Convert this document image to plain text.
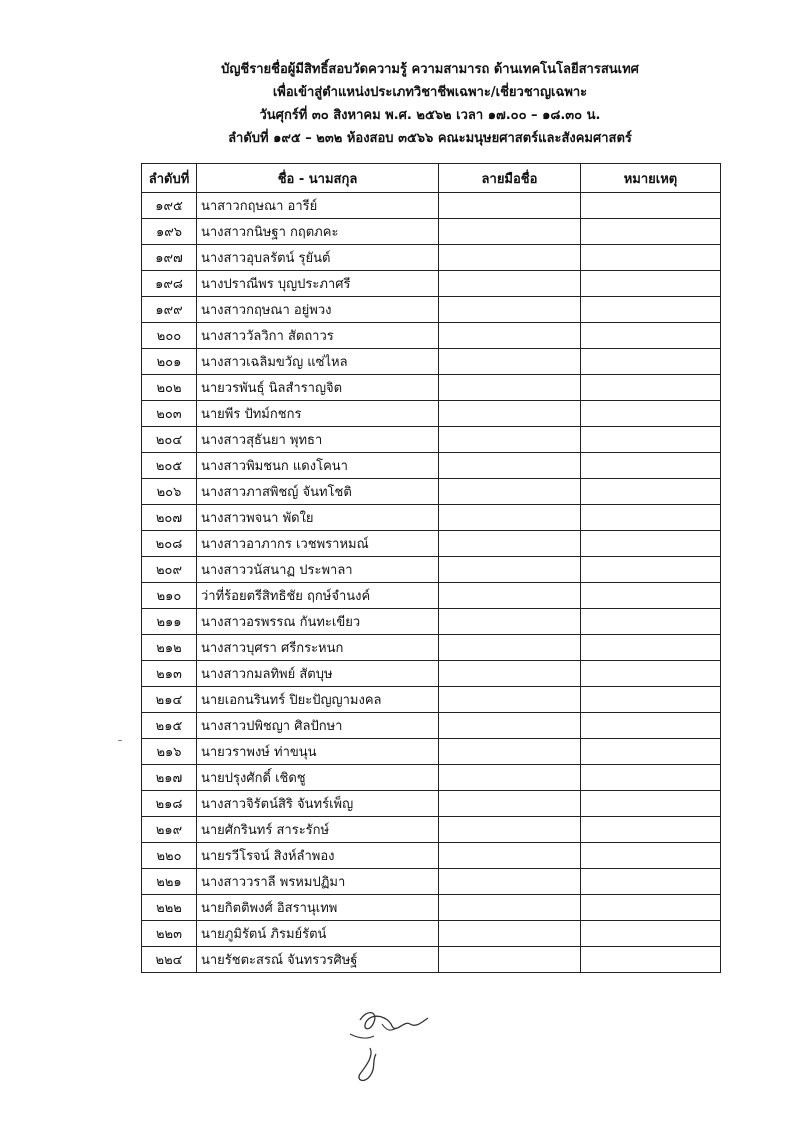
บัญชีรายชื่อผู้มีสิทธิ์สอบวัดความรู้ ความสามารถ ด้านเทคโนโลยีสารสนเทศ
เพื่อเข้าสู่ตำแหน่งประเภทวิชาชีพเฉพาะ/เชี่ยวชาญเฉพาะ
วันศุกร์ที่ ๓๐ สิงหาคม พ.ศ. ๒๕๖๒ เวลา ๑๗.๐๐ – ๑๘.๓๐ น.
ลำดับที่ ๑๙๕ – ๒๓๒ ห้องสอบ ๓๕๖๖ คณะมนุษยศาสตร์และสังคมศาสตร์
ลำดับที่	ชื่อ - นามสกุล	ลายมือชื่อ	หมายเหตุ
๑๙๕	นาสาวกฤษณา อารีย์		
๑๙๖	นางสาวกนิษฐา กฤตภคะ		
๑๙๗	นางสาวอุบลรัตน์ รุยันต์		
๑๙๘	นางปราณีพร บุญประภาศรี		
๑๙๙	นางสาวกฤษณา อยู่พวง		
๒๐๐	นางสาววัลวิกา สัตถาวร		
๒๐๑	นางสาวเฉลิมขวัญ แซ่ไหล		
๒๐๒	นายวรพันธุ์ นิลสำราญจิต		
๒๐๓	นายพีร ปัทม์กชกร		
๒๐๔	นางสาวสุธันยา พุทธา		
๒๐๕	นางสาวพิมชนก แดงโคนา		
๒๐๖	นางสาวภาสพิชญ์ จันทโชติ		
๒๐๗	นางสาวพจนา พัดใย		
๒๐๘	นางสาวอาภากร เวชพราหมณ์		
๒๐๙	นางสาววนัสนาฏ ประพาลา		
๒๑๐	ว่าที่ร้อยตรีสิทธิชัย ฤกษ์จำนงค์		
๒๑๑	นางสาวอรพรรณ กันทะเขียว		
๒๑๒	นางสาวบุศรา ศรีกระหนก		
๒๑๓	นางสาวกมลทิพย์ สัตบุษ		
๒๑๔	นายเอกนรินทร์ ปิยะปัญญามงคล		
๒๑๕	นางสาวปพิชญา ศิลปักษา		
๒๑๖	นายวราพงษ์ ท่าขนุน		
๒๑๗	นายปรุงศักดิ์ เชิดชู		
๒๑๘	นางสาวจิรัตน์สิริ จันทร์เพ็ญ		
๒๑๙	นายศักรินทร์ สาระรักษ์		
๒๒๐	นายรวีโรจน์ สิงห์ลำพอง		
๒๒๑	นางสาววราลี พรหมปฏิมา		
๒๒๒	นายกิตติพงศ์ อิสรานุเทพ		
๒๒๓	นายภูมิรัตน์ ภิรมย์รัตน์		
๒๒๔	นายรัชตะสรณ์ จันทรวรศิษฐ์		
